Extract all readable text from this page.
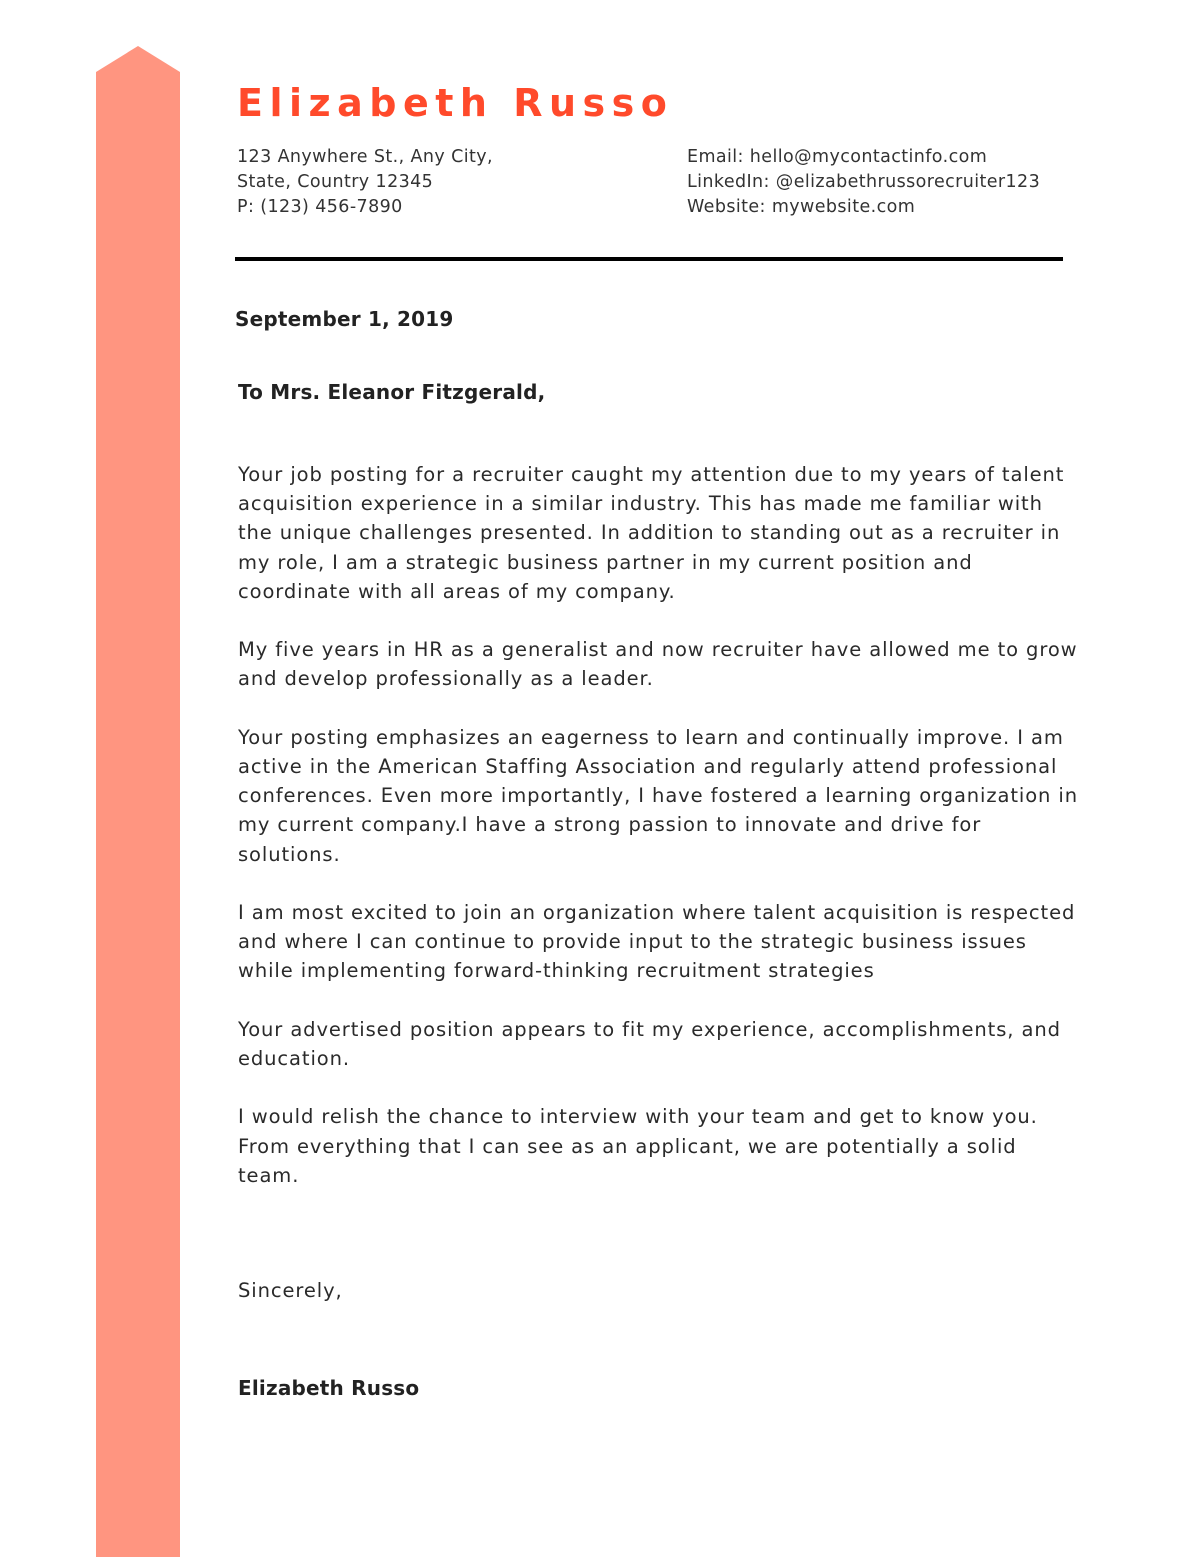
Elizabeth Russo
123 Anywhere St., Any City,
State, Country 12345
P: (123) 456-7890
Email: hello@mycontactinfo.com
LinkedIn: @elizabethrussorecruiter123
Website: mywebsite.com
September 1, 2019
To Mrs. Eleanor Fitzgerald,

Your job posting for a recruiter caught my attention due to my years of talent acquisition experience in a similar industry. This has made me familiar with the unique challenges presented. In addition to standing out as a recruiter in my role, I am a strategic business partner in my current position and coordinate with all areas of my company.

My five years in HR as a generalist and now recruiter have allowed me to grow and develop professionally as a leader.

Your posting emphasizes an eagerness to learn and continually improve. I am active in the American Staffing Association and regularly attend professional conferences. Even more importantly, I have fostered a learning organization in my current company.I have a strong passion to innovate and drive for solutions.

I am most excited to join an organization where talent acquisition is respected and where I can continue to provide input to the strategic business issues while implementing forward-thinking recruitment strategies

Your advertised position appears to fit my experience, accomplishments, and education.

I would relish the chance to interview with your team and get to know you. From everything that I can see as an applicant, we are potentially a solid team.

Sincerely,
Elizabeth Russo
